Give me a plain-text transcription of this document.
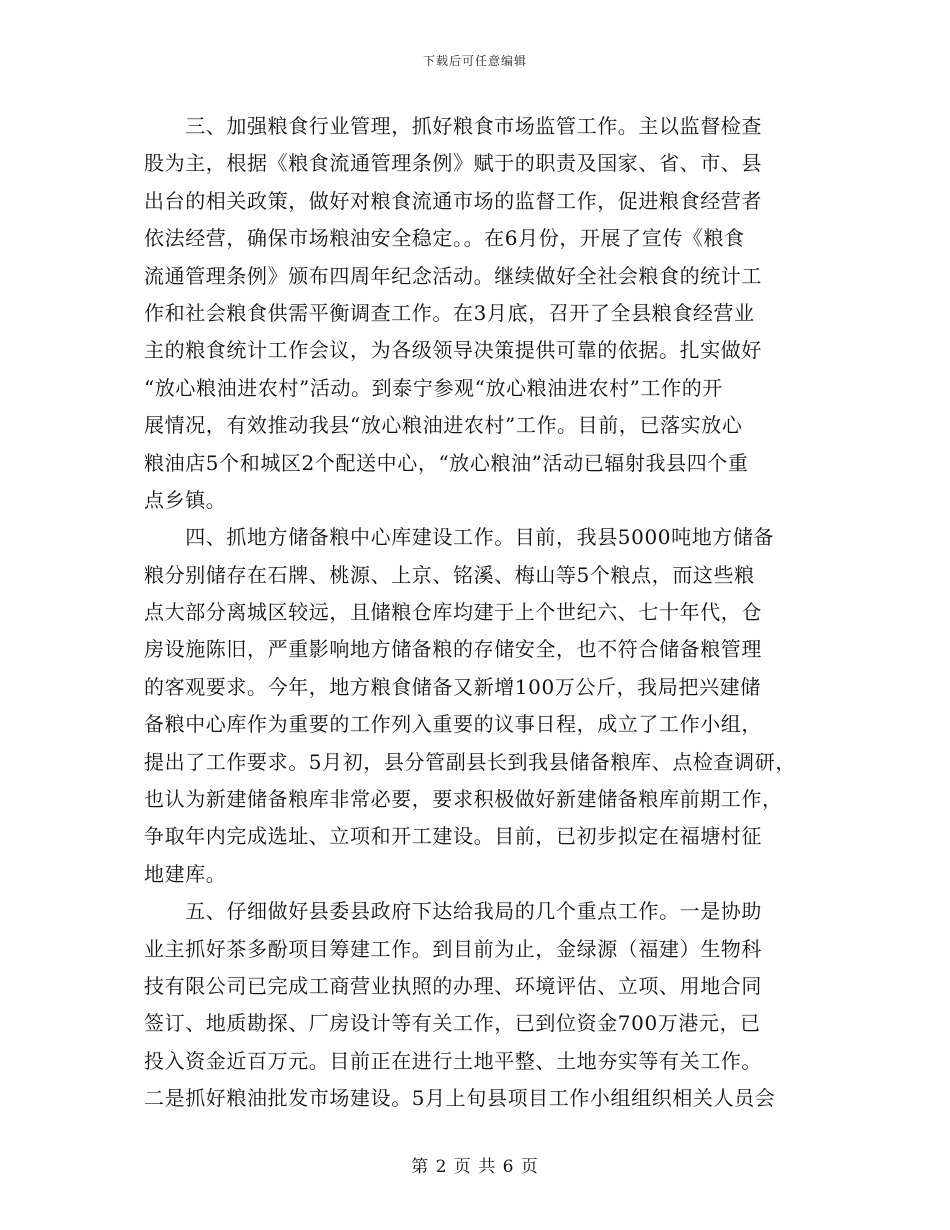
下载后可任意编辑
　　三、加强粮食行业管理，抓好粮食市场监管工作。主以监督检查
股为主，根据《粮食流通管理条例》赋于的职责及国家、省、市、县
出台的相关政策，做好对粮食流通市场的监督工作，促进粮食经营者
依法经营，确保市场粮油安全稳定。。在6月份，开展了宣传《粮食
流通管理条例》颁布四周年纪念活动。继续做好全社会粮食的统计工
作和社会粮食供需平衡调查工作。在3月底，召开了全县粮食经营业
主的粮食统计工作会议，为各级领导决策提供可靠的依据。扎实做好
“放心粮油进农村”活动。到泰宁参观“放心粮油进农村”工作的开
展情况，有效推动我县“放心粮油进农村”工作。目前，已落实放心
粮油店5个和城区2个配送中心，“放心粮油”活动已辐射我县四个重
点乡镇。
　　四、抓地方储备粮中心库建设工作。目前，我县5000吨地方储备
粮分别储存在石牌、桃源、上京、铭溪、梅山等5个粮点，而这些粮
点大部分离城区较远，且储粮仓库均建于上个世纪六、七十年代，仓
房设施陈旧，严重影响地方储备粮的存储安全，也不符合储备粮管理
的客观要求。今年，地方粮食储备又新增100万公斤，我局把兴建储
备粮中心库作为重要的工作列入重要的议事日程，成立了工作小组，
提出了工作要求。5月初，县分管副县长到我县储备粮库、点检查调研，
也认为新建储备粮库非常必要，要求积极做好新建储备粮库前期工作，
争取年内完成选址、立项和开工建设。目前，已初步拟定在福塘村征
地建库。
　　五、仔细做好县委县政府下达给我局的几个重点工作。一是协助
业主抓好茶多酚项目筹建工作。到目前为止，金绿源（福建）生物科
技有限公司已完成工商营业执照的办理、环境评估、立项、用地合同
签订、地质勘探、厂房设计等有关工作，已到位资金700万港元，已
投入资金近百万元。目前正在进行土地平整、土地夯实等有关工作。
二是抓好粮油批发市场建设。5月上旬县项目工作小组组织相关人员会
第 2 页 共 6 页
